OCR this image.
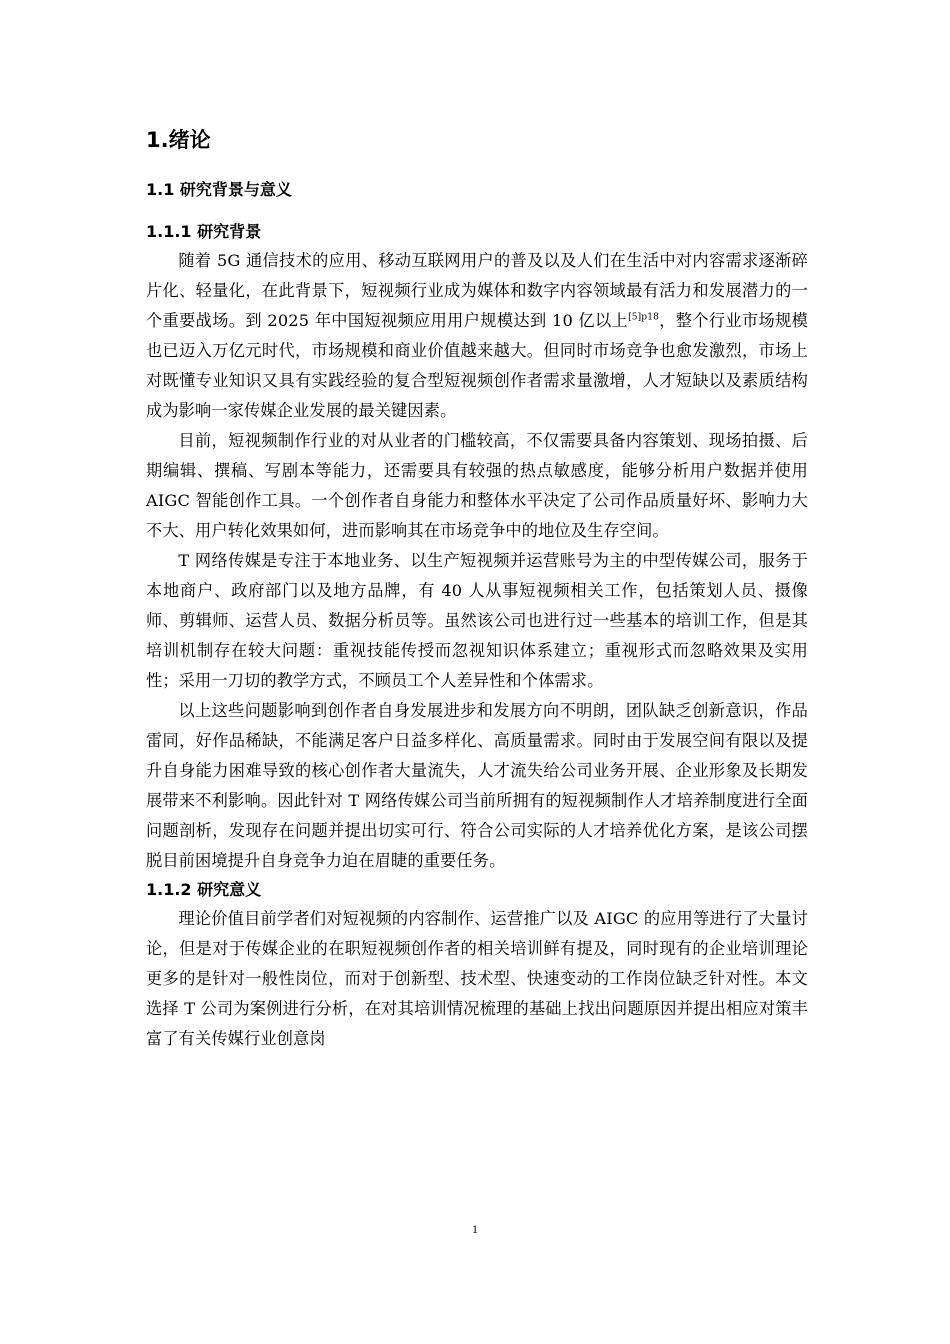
1.绪论
1.1 研究背景与意义
1.1.1 研究背景

随着 5G 通信技术的应用、移动互联网用户的普及以及人们在生活中对内容需求逐渐碎片化、轻量化，在此背景下，短视频行业成为媒体和数字内容领域最有活力和发展潜力的一个重要战场。到 2025 年中国短视频应用用户规模达到 10 亿以上$^{[5]p18}$，整个行业市场规模也已迈入万亿元时代，市场规模和商业价值越来越大。但同时市场竞争也愈发激烈，市场上对既懂专业知识又具有实践经验的复合型短视频创作者需求量激增，人才短缺以及素质结构成为影响一家传媒企业发展的最关键因素。

目前，短视频制作行业的对从业者的门槛较高，不仅需要具备内容策划、现场拍摄、后期编辑、撰稿、写剧本等能力，还需要具有较强的热点敏感度，能够分析用户数据并使用 AIGC 智能创作工具。一个创作者自身能力和整体水平决定了公司作品质量好坏、影响力大不大、用户转化效果如何，进而影响其在市场竞争中的地位及生存空间。

T 网络传媒是专注于本地业务、以生产短视频并运营账号为主的中型传媒公司，服务于本地商户、政府部门以及地方品牌，有 40 人从事短视频相关工作，包括策划人员、摄像师、剪辑师、运营人员、数据分析员等。虽然该公司也进行过一些基本的培训工作，但是其培训机制存在较大问题：重视技能传授而忽视知识体系建立；重视形式而忽略效果及实用性；采用一刀切的教学方式，不顾员工个人差异性和个体需求。

以上这些问题影响到创作者自身发展进步和发展方向不明朗，团队缺乏创新意识，作品雷同，好作品稀缺，不能满足客户日益多样化、高质量需求。同时由于发展空间有限以及提升自身能力困难导致的核心创作者大量流失，人才流失给公司业务开展、企业形象及长期发展带来不利影响。因此针对 T 网络传媒公司当前所拥有的短视频制作人才培养制度进行全面问题剖析，发现存在问题并提出切实可行、符合公司实际的人才培养优化方案，是该公司摆脱目前困境提升自身竞争力迫在眉睫的重要任务。

1.1.2 研究意义

理论价值目前学者们对短视频的内容制作、运营推广以及 AIGC 的应用等进行了大量讨论，但是对于传媒企业的在职短视频创作者的相关培训鲜有提及，同时现有的企业培训理论更多的是针对一般性岗位，而对于创新型、技术型、快速变动的工作岗位缺乏针对性。本文选择 T 公司为案例进行分析，在对其培训情况梳理的基础上找出问题原因并提出相应对策丰富了有关传媒行业创意岗

1
